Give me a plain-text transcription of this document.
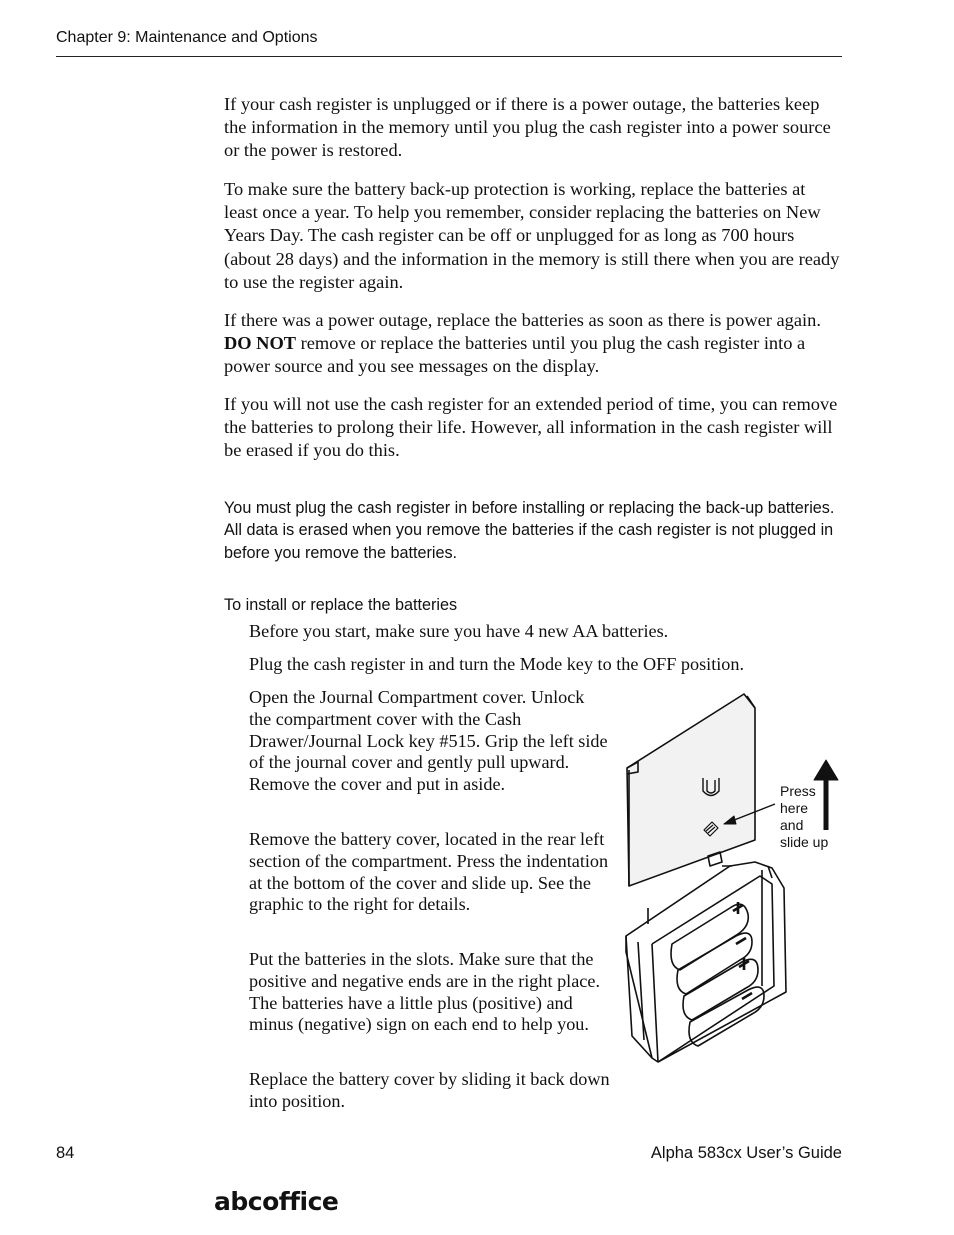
Chapter 9: Maintenance and Options

If your cash register is unplugged or if there is a power outage, the batteries keep the information in the memory until you plug the cash register into a power source or the power is restored.

To make sure the battery back-up protection is working, replace the batteries at least once a year. To help you remember, consider replacing the batteries on New Years Day. The cash register can be off or unplugged for as long as 700 hours (about 28 days) and the information in the memory is still there when you are ready to use the register again.

If there was a power outage, replace the batteries as soon as there is power again. DO NOT remove or replace the batteries until you plug the cash register into a power source and you see messages on the display.

If you will not use the cash register for an extended period of time, you can remove the batteries to prolong their life. However, all information in the cash register will be erased if you do this.

You must plug the cash register in before installing or replacing the back-up batteries. All data is erased when you remove the batteries if the cash register is not plugged in before you remove the batteries.

To install or replace the batteries

Before you start, make sure you have 4 new AA batteries.

Plug the cash register in and turn the Mode key to the OFF position.

Open the Journal Compartment cover. Unlock the compartment cover with the Cash Drawer/Journal Lock key #515. Grip the left side of the journal cover and gently pull upward. Remove the cover and put in aside.

Remove the battery cover, located in the rear left section of the compartment. Press the indentation at the bottom of the cover and slide up. See the graphic to the right for details.

Put the batteries in the slots. Make sure that the positive and negative ends are in the right place. The batteries have a little plus (positive) and minus (negative) sign on each end to help you.

Replace the battery cover by sliding it back down into position.

Press
here
and
slide up
84	Alpha 583cx User’s Guide
abcoffice
